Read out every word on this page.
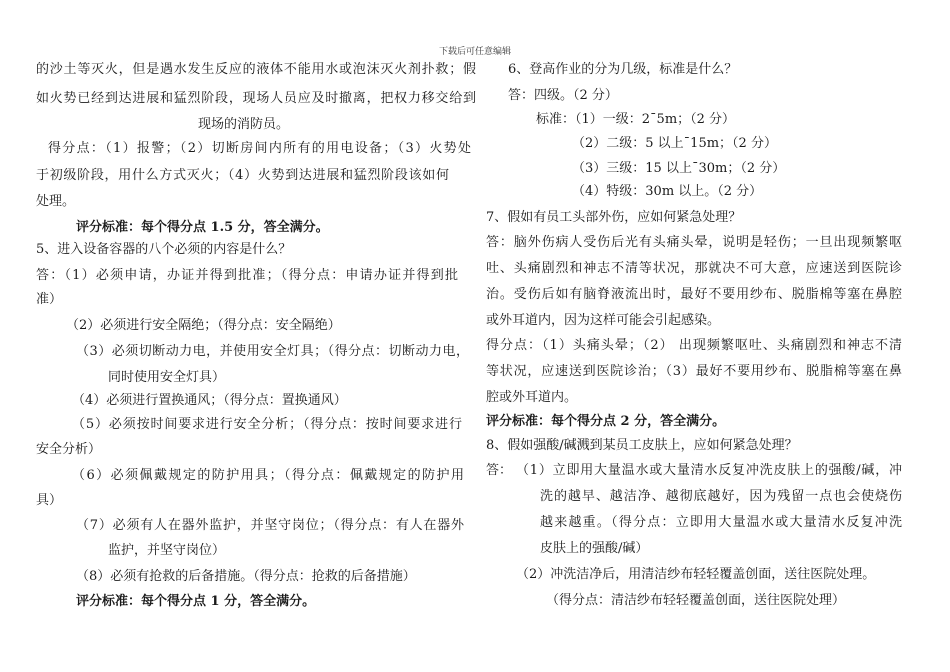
下载后可任意编辑
的沙土等灭火，但是遇水发生反应的液体不能用水或泡沫灭火剂扑救；假
如火势已经到达进展和猛烈阶段，现场人员应及时撤离，把权力移交给到
现场的消防员。
得分点：（1）报警；（2）切断房间内所有的用电设备；（3）火势处
于初级阶段，用什么方式灭火；（4）火势到达进展和猛烈阶段该如何
处理。
评分标准：每个得分点 1.5 分，答全满分。
5、进入设备容器的八个必须的内容是什么？
答：（1）必须申请，办证并得到批准；（得分点：申请办证并得到批
准）
（2）必须进行安全隔绝；（得分点：安全隔绝）
（3）必须切断动力电，并使用安全灯具；（得分点：切断动力电，
同时使用安全灯具）
（4）必须进行置换通风；（得分点：置换通风）
（5）必须按时间要求进行安全分析；（得分点：按时间要求进行
安全分析）
（6）必须佩戴规定的防护用具；（得分点：佩戴规定的防护用
具）
（7）必须有人在器外监护，并坚守岗位；（得分点：有人在器外
监护，并坚守岗位）
（8）必须有抢救的后备措施。（得分点：抢救的后备措施）
评分标准：每个得分点 1 分，答全满分。
6、登高作业的分为几级，标准是什么？
答：四级。（2 分）
标准：（1）一级：2¯5m；（2 分）
（2）二级：5 以上¯15m；（2 分）
（3）三级：15 以上¯30m；（2 分）
（4）特级：30m 以上。（2 分）
7、假如有员工头部外伤，应如何紧急处理？
答：脑外伤病人受伤后光有头痛头晕，说明是轻伤；一旦出现频繁呕
吐、头痛剧烈和神志不清等状况，那就决不可大意，应速送到医院诊
治。受伤后如有脑脊液流出时，最好不要用纱布、脱脂棉等塞在鼻腔
或外耳道内，因为这样可能会引起感染。
得分点：（1）头痛头晕；（2） 出现频繁呕吐、头痛剧烈和神志不清
等状况，应速送到医院诊治；（3）最好不要用纱布、脱脂棉等塞在鼻
腔或外耳道内。
评分标准：每个得分点 2 分，答全满分。
8、假如强酸/碱溅到某员工皮肤上，应如何紧急处理？
答： （1）立即用大量温水或大量清水反复冲洗皮肤上的强酸/碱，冲
洗的越早、越洁净、越彻底越好，因为残留一点也会使烧伤
越来越重。（得分点：立即用大量温水或大量清水反复冲洗
皮肤上的强酸/碱）
（2）冲洗洁净后，用清洁纱布轻轻覆盖创面，送往医院处理。
（得分点：清洁纱布轻轻覆盖创面，送往医院处理）
